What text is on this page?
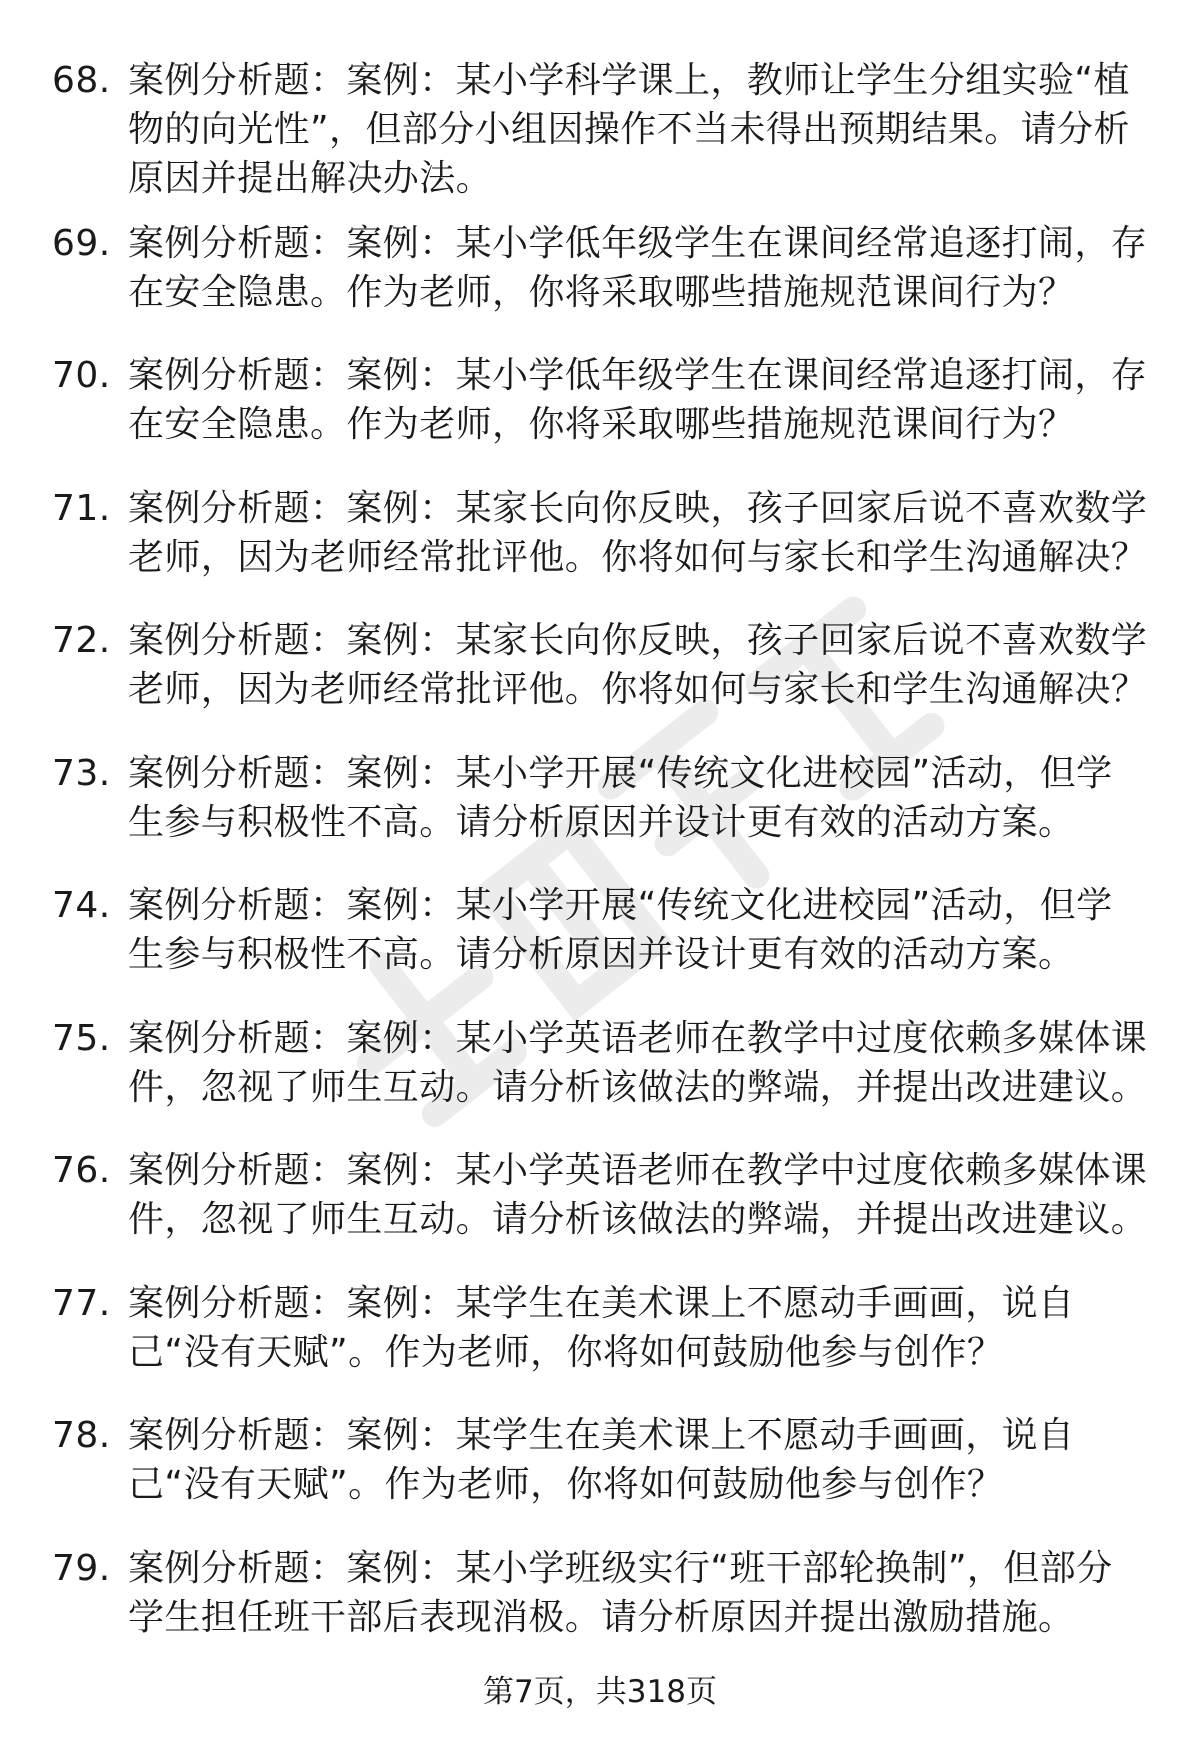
68. 案例分析题：案例：某小学科学课上，教师让学生分组实验“植
物的向光性”，但部分小组因操作不当未得出预期结果。请分析
原因并提出解决办法。
69. 案例分析题：案例：某小学低年级学生在课间经常追逐打闹，存
在安全隐患。作为老师，你将采取哪些措施规范课间行为？
70. 案例分析题：案例：某小学低年级学生在课间经常追逐打闹，存
在安全隐患。作为老师，你将采取哪些措施规范课间行为？
71. 案例分析题：案例：某家长向你反映，孩子回家后说不喜欢数学
老师，因为老师经常批评他。你将如何与家长和学生沟通解决？
72. 案例分析题：案例：某家长向你反映，孩子回家后说不喜欢数学
老师，因为老师经常批评他。你将如何与家长和学生沟通解决？
73. 案例分析题：案例：某小学开展“传统文化进校园”活动，但学
生参与积极性不高。请分析原因并设计更有效的活动方案。
74. 案例分析题：案例：某小学开展“传统文化进校园”活动，但学
生参与积极性不高。请分析原因并设计更有效的活动方案。
75. 案例分析题：案例：某小学英语老师在教学中过度依赖多媒体课
件，忽视了师生互动。请分析该做法的弊端，并提出改进建议。
76. 案例分析题：案例：某小学英语老师在教学中过度依赖多媒体课
件，忽视了师生互动。请分析该做法的弊端，并提出改进建议。
77. 案例分析题：案例：某学生在美术课上不愿动手画画，说自
己“没有天赋”。作为老师，你将如何鼓励他参与创作？
78. 案例分析题：案例：某学生在美术课上不愿动手画画，说自
己“没有天赋”。作为老师，你将如何鼓励他参与创作？
79. 案例分析题：案例：某小学班级实行“班干部轮换制”，但部分
学生担任班干部后表现消极。请分析原因并提出激励措施。
第7页，共318页
